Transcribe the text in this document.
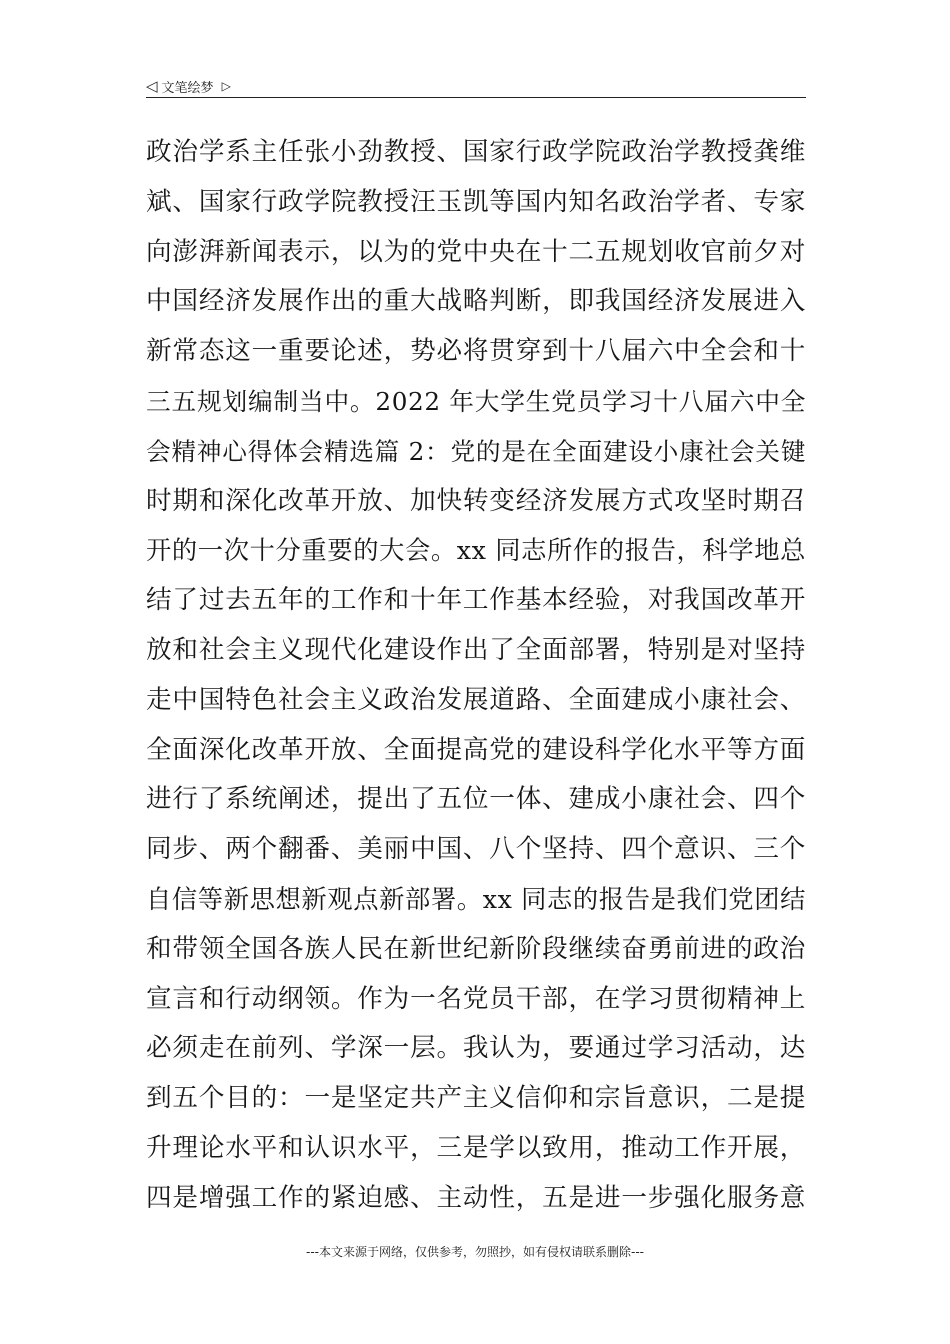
◁ 文笔绘梦 ▷
政治学系主任张小劲教授、国家行政学院政治学教授龚维
斌、国家行政学院教授汪玉凯等国内知名政治学者、专家
向澎湃新闻表示，以为的党中央在十二五规划收官前夕对
中国经济发展作出的重大战略判断，即我国经济发展进入
新常态这一重要论述，势必将贯穿到十八届六中全会和十
三五规划编制当中。2022 年大学生党员学习十八届六中全
会精神心得体会精选篇 2：党的是在全面建设小康社会关键
时期和深化改革开放、加快转变经济发展方式攻坚时期召
开的一次十分重要的大会。xx 同志所作的报告，科学地总
结了过去五年的工作和十年工作基本经验，对我国改革开
放和社会主义现代化建设作出了全面部署，特别是对坚持
走中国特色社会主义政治发展道路、全面建成小康社会、
全面深化改革开放、全面提高党的建设科学化水平等方面
进行了系统阐述，提出了五位一体、建成小康社会、四个
同步、两个翻番、美丽中国、八个坚持、四个意识、三个
自信等新思想新观点新部署。xx 同志的报告是我们党团结
和带领全国各族人民在新世纪新阶段继续奋勇前进的政治
宣言和行动纲领。作为一名党员干部，在学习贯彻精神上
必须走在前列、学深一层。我认为，要通过学习活动，达
到五个目的：一是坚定共产主义信仰和宗旨意识，二是提
升理论水平和认识水平，三是学以致用，推动工作开展，
四是增强工作的紧迫感、主动性，五是进一步强化服务意
---本文来源于网络，仅供参考，勿照抄，如有侵权请联系删除---
